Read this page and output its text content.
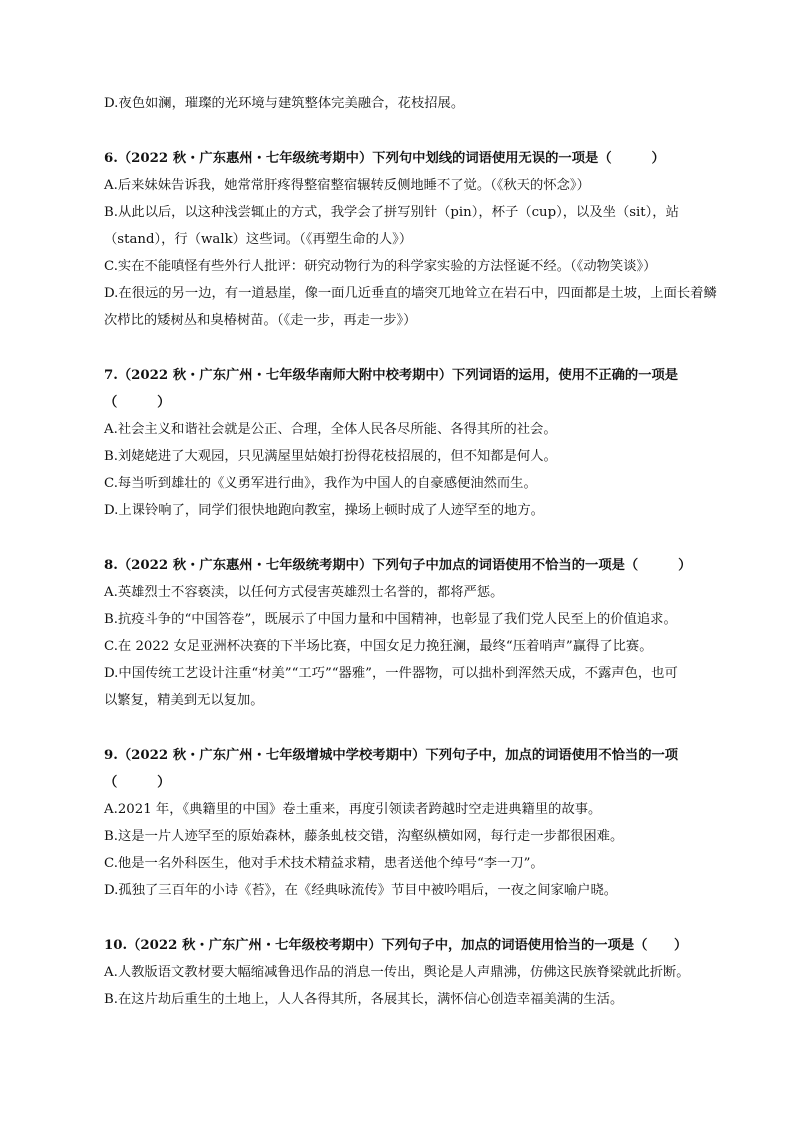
D.夜色如澜，璀璨的光环境与建筑整体完美融合，花枝招展。
6.（2022 秋・广东惠州・七年级统考期中）下列句中划线的词语使用无误的一项是（　　　）
A.后来妹妹告诉我，她常常肝疼得整宿整宿辗转反侧地睡不了觉。（《秋天的怀念》）
B.从此以后，以这种浅尝辄止的方式，我学会了拼写别针（pin），杯子（cup），以及坐（sit），站
（stand），行（walk）这些词。（《再塑生命的人》）
C.实在不能嗔怪有些外行人批评：研究动物行为的科学家实验的方法怪诞不经。（《动物笑谈》）
D.在很远的另一边，有一道悬崖，像一面几近垂直的墙突兀地耸立在岩石中，四面都是土坡，上面长着鳞
次栉比的矮树丛和臭椿树苗。（《走一步，再走一步》）
7.（2022 秋・广东广州・七年级华南师大附中校考期中）下列词语的运用，使用不正确的一项是
（　　　）
A.社会主义和谐社会就是公正、合理，全体人民各尽所能、各得其所的社会。
B.刘姥姥进了大观园，只见满屋里姑娘打扮得花枝招展的，但不知都是何人。
C.每当听到雄壮的《义勇军进行曲》，我作为中国人的自豪感便油然而生。
D.上课铃响了，同学们很快地跑向教室，操场上顿时成了人迹罕至的地方。
8.（2022 秋・广东惠州・七年级统考期中）下列句子中加点的词语使用不恰当的一项是（　　　）
A.英雄烈士不容亵渎，以任何方式侵害英雄烈士名誉的，都将严惩。
B.抗疫斗争的“中国答卷”，既展示了中国力量和中国精神，也彰显了我们党人民至上的价值追求。
C.在 2022 女足亚洲杯决赛的下半场比赛，中国女足力挽狂澜，最终“压着哨声”赢得了比赛。
D.中国传统工艺设计注重“材美”“工巧”“器雅”，一件器物，可以拙朴到浑然天成，不露声色，也可
以繁复，精美到无以复加。
9.（2022 秋・广东广州・七年级增城中学校考期中）下列句子中，加点的词语使用不恰当的一项
（　　　）
A.2021 年，《典籍里的中国》卷土重来，再度引领读者跨越时空走进典籍里的故事。
B.这是一片人迹罕至的原始森林，藤条虬枝交错，沟壑纵横如网，每行走一步都很困难。
C.他是一名外科医生，他对手术技术精益求精，患者送他个绰号“李一刀”。
D.孤独了三百年的小诗《苔》，在《经典咏流传》节目中被吟唱后，一夜之间家喻户晓。
10.（2022 秋・广东广州・七年级校考期中）下列句子中，加点的词语使用恰当的一项是（　　）
A.人教版语文教材要大幅缩减鲁迅作品的消息一传出，舆论是人声鼎沸，仿佛这民族脊梁就此折断。
B.在这片劫后重生的土地上，人人各得其所，各展其长，满怀信心创造幸福美满的生活。
